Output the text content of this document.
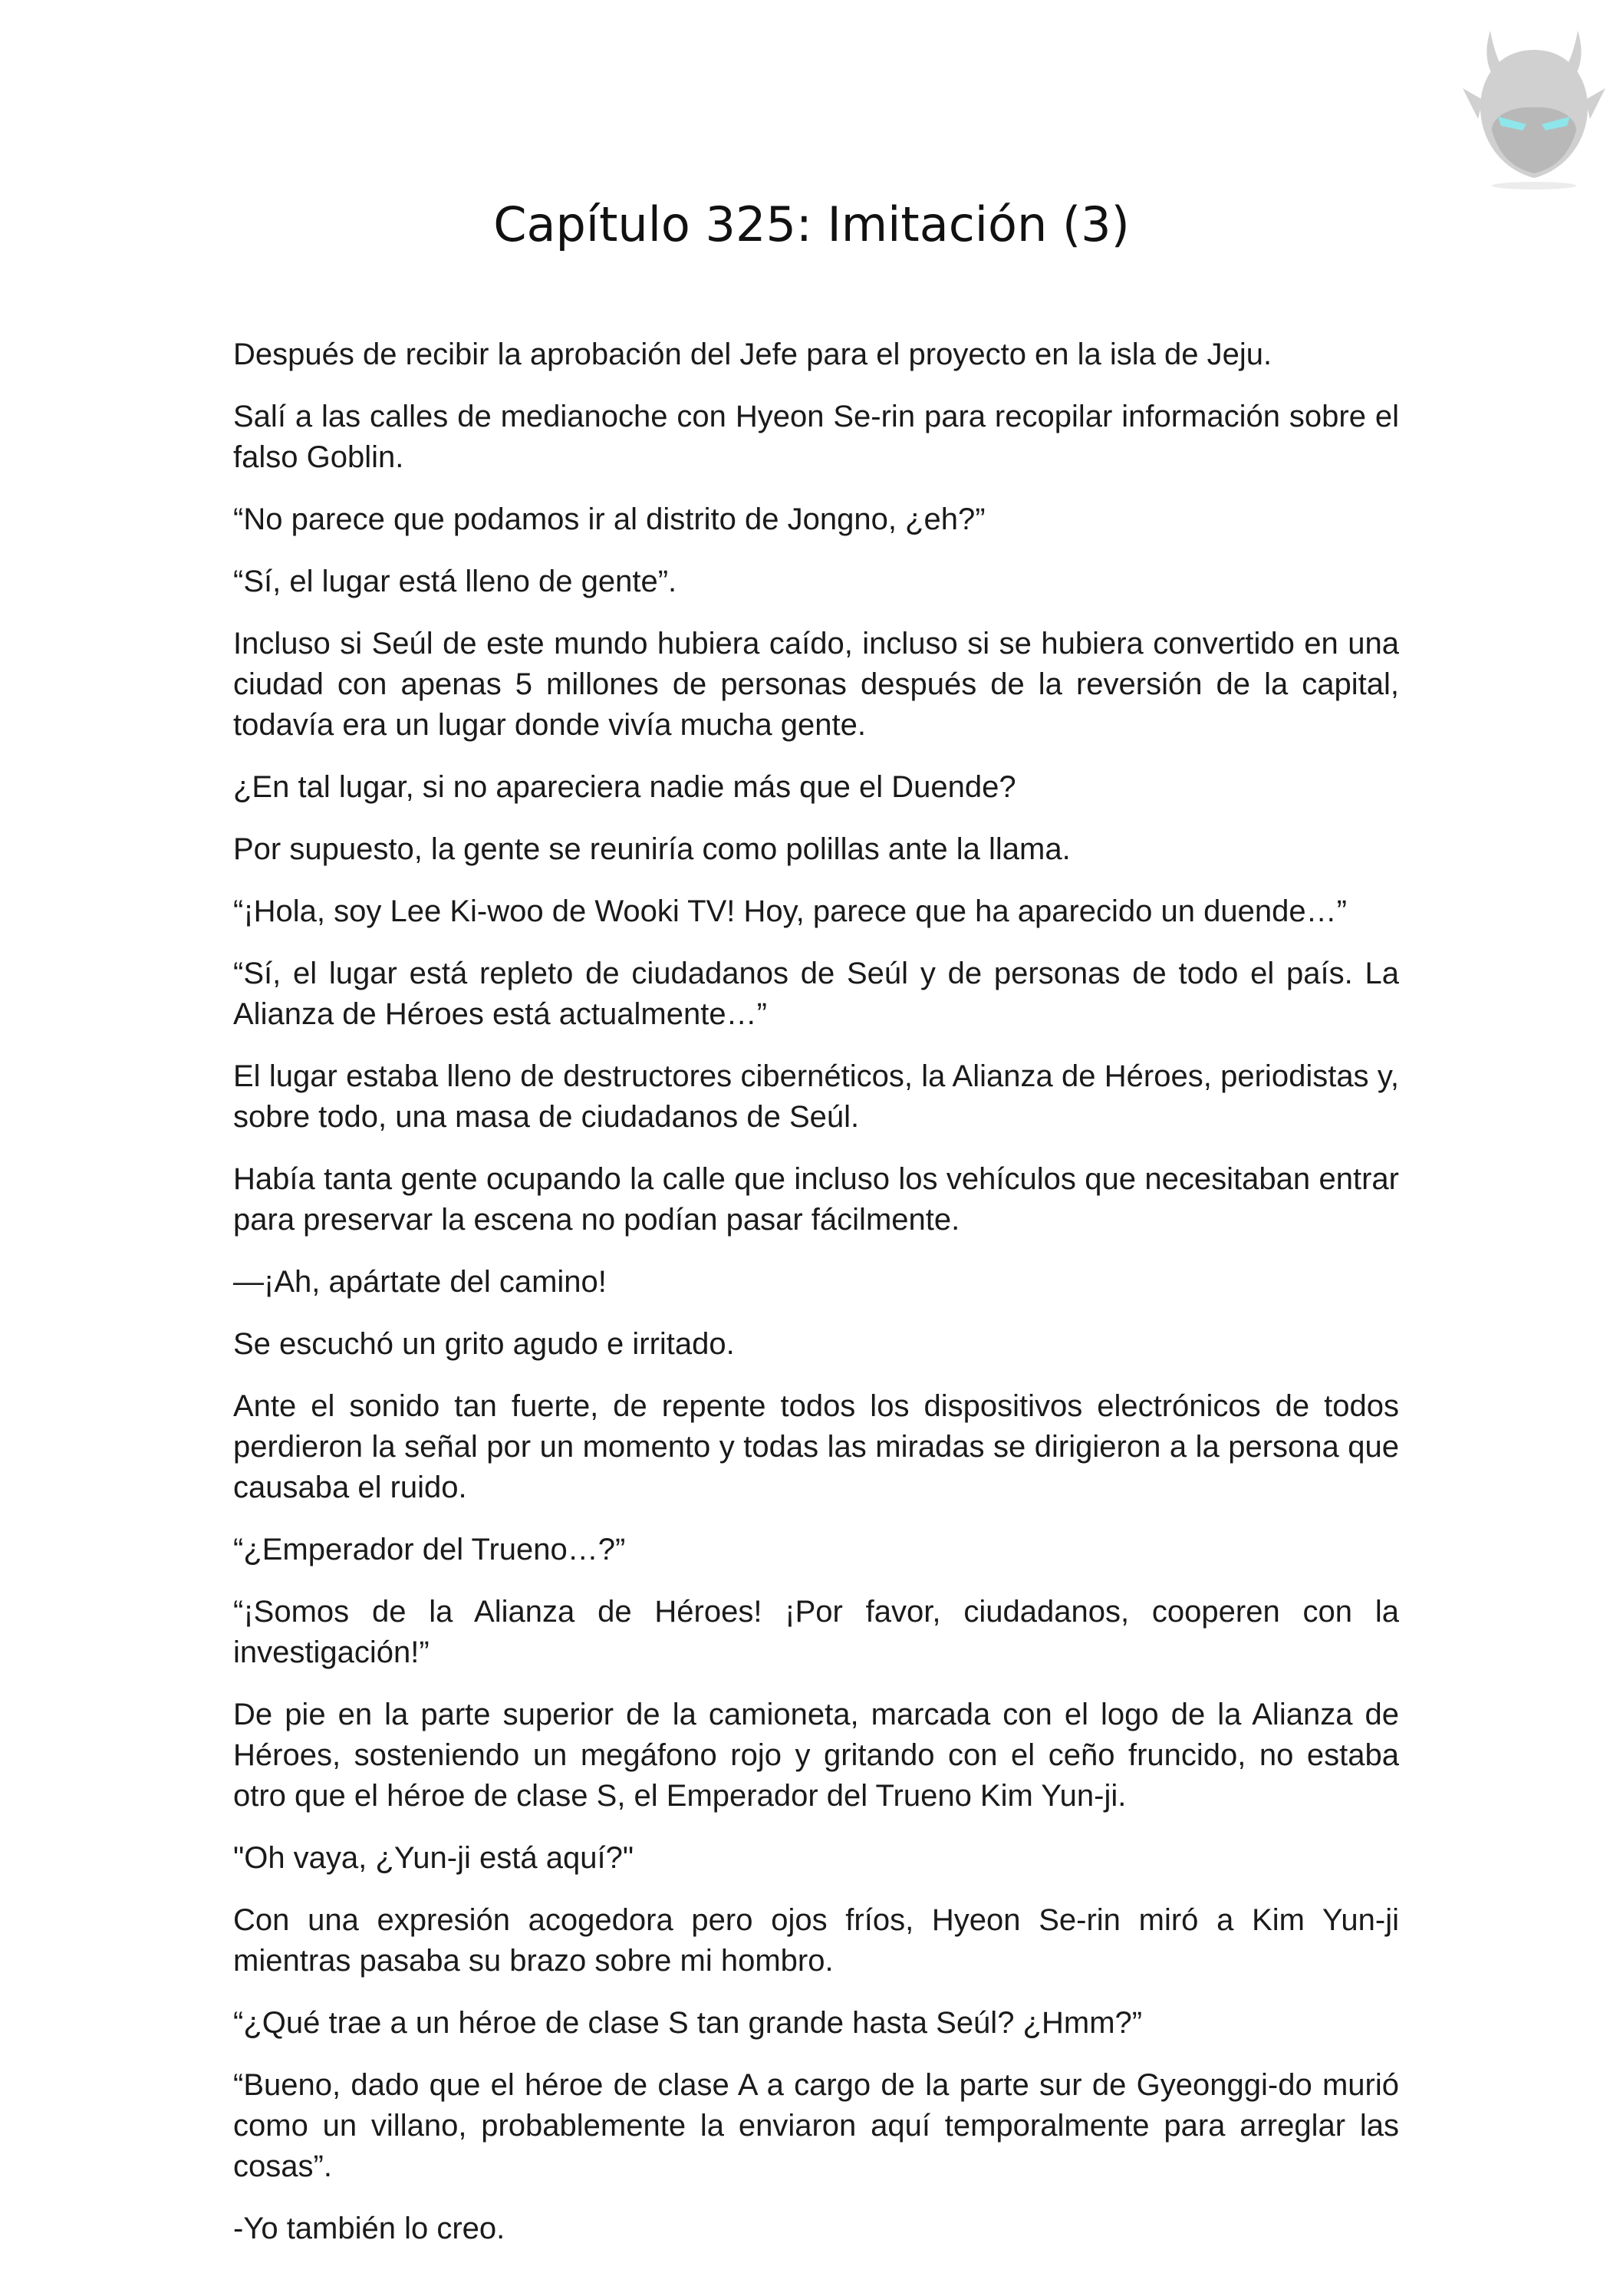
Capítulo 325: Imitación (3)

Después de recibir la aprobación del Jefe para el proyecto en la isla de Jeju.

Salí a las calles de medianoche con Hyeon Se-rin para recopilar información sobre el falso Goblin.

“No parece que podamos ir al distrito de Jongno, ¿eh?”

“Sí, el lugar está lleno de gente”.

Incluso si Seúl de este mundo hubiera caído, incluso si se hubiera convertido en una ciudad con apenas 5 millones de personas después de la reversión de la capital, todavía era un lugar donde vivía mucha gente.

¿En tal lugar, si no apareciera nadie más que el Duende?

Por supuesto, la gente se reuniría como polillas ante la llama.

“¡Hola, soy Lee Ki-woo de Wooki TV! Hoy, parece que ha aparecido un duende…”

“Sí, el lugar está repleto de ciudadanos de Seúl y de personas de todo el país. La Alianza de Héroes está actualmente…”

El lugar estaba lleno de destructores cibernéticos, la Alianza de Héroes, periodistas y, sobre todo, una masa de ciudadanos de Seúl.

Había tanta gente ocupando la calle que incluso los vehículos que necesitaban entrar para preservar la escena no podían pasar fácilmente.

—¡Ah, apártate del camino!

Se escuchó un grito agudo e irritado.

Ante el sonido tan fuerte, de repente todos los dispositivos electrónicos de todos perdieron la señal por un momento y todas las miradas se dirigieron a la persona que causaba el ruido.

“¿Emperador del Trueno…?”

“¡Somos de la Alianza de Héroes! ¡Por favor, ciudadanos, cooperen con la investigación!”

De pie en la parte superior de la camioneta, marcada con el logo de la Alianza de Héroes, sosteniendo un megáfono rojo y gritando con el ceño fruncido, no estaba otro que el héroe de clase S, el Emperador del Trueno Kim Yun-ji.

"Oh vaya, ¿Yun-ji está aquí?"

Con una expresión acogedora pero ojos fríos, Hyeon Se-rin miró a Kim Yun-ji mientras pasaba su brazo sobre mi hombro.

“¿Qué trae a un héroe de clase S tan grande hasta Seúl? ¿Hmm?”

“Bueno, dado que el héroe de clase A a cargo de la parte sur de Gyeonggi-do murió como un villano, probablemente la enviaron aquí temporalmente para arreglar las cosas”.

-Yo también lo creo.
